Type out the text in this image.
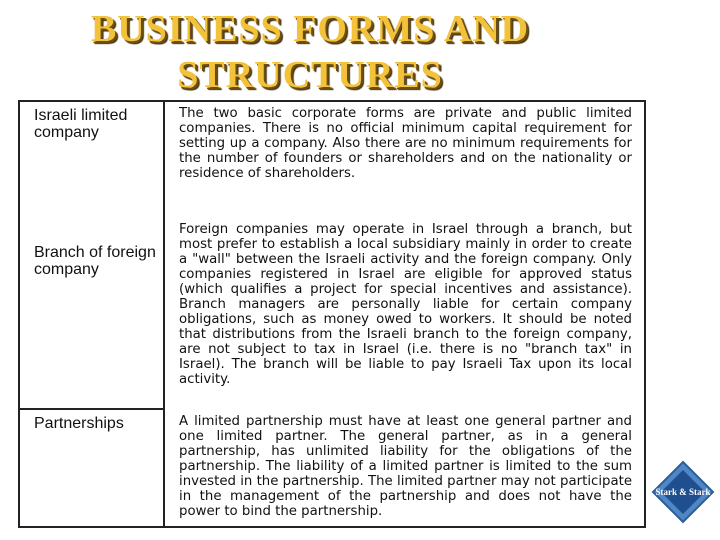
BUSINESS FORMS AND
STRUCTURES
Israeli limited company
The two basic corporate forms are private and public limited companies. There is no official minimum capital requirement for setting up a company. Also there are no minimum requirements for the number of founders or shareholders and on the nationality or residence of shareholders.
Branch of foreign company
Foreign companies may operate in Israel through a branch, but most prefer to establish a local subsidiary mainly in order to create a "wall" between the Israeli activity and the foreign company. Only companies registered in Israel are eligible for approved status (which qualifies a project for special incentives and assistance). Branch managers are personally liable for certain company obligations, such as money owed to workers. It should be noted that distributions from the Israeli branch to the foreign company, are not subject to tax in Israel (i.e. there is no "branch tax" in Israel). The branch will be liable to pay Israeli Tax upon its local activity.
Partnerships	A limited partnership must have at least one general partner and one limited partner. The general partner, as in a general partnership, has unlimited liability for the obligations of the partnership. The liability of a limited partner is limited to the sum invested in the partnership. The limited partner may not participate in the management of the partnership and does not have the power to bind the partnership.
Stark & Stark
